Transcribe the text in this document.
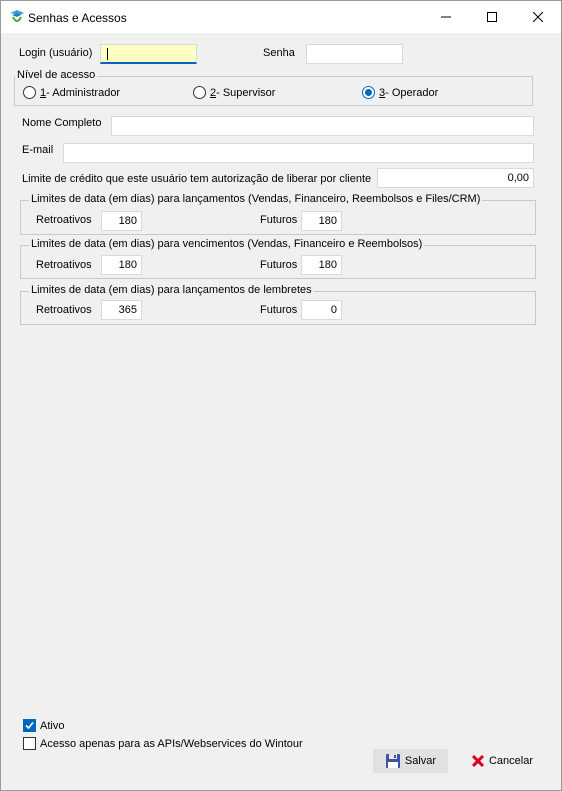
Senhas e Acessos
Login (usuário)	Senha
Nível de acesso
1 - Administrador	2 - Supervisor	3 - Operador
Nome Completo
E-mail
Limite de crédito que este usuário tem autorização de liberar por cliente	0,00
Limites de data (em dias) para lançamentos (Vendas, Financeiro, Reembolsos e Files/CRM)
Retroativos 180	Futuros 180
Limites de data (em dias) para vencimentos (Vendas, Financeiro e Reembolsos)
Retroativos 180	Futuros 180
Limites de data (em dias) para lançamentos de lembretes
Retroativos 365	Futuros	0
Ativo
Acesso apenas para as APIs/Webservices do Wintour
Salvar	Cancelar
